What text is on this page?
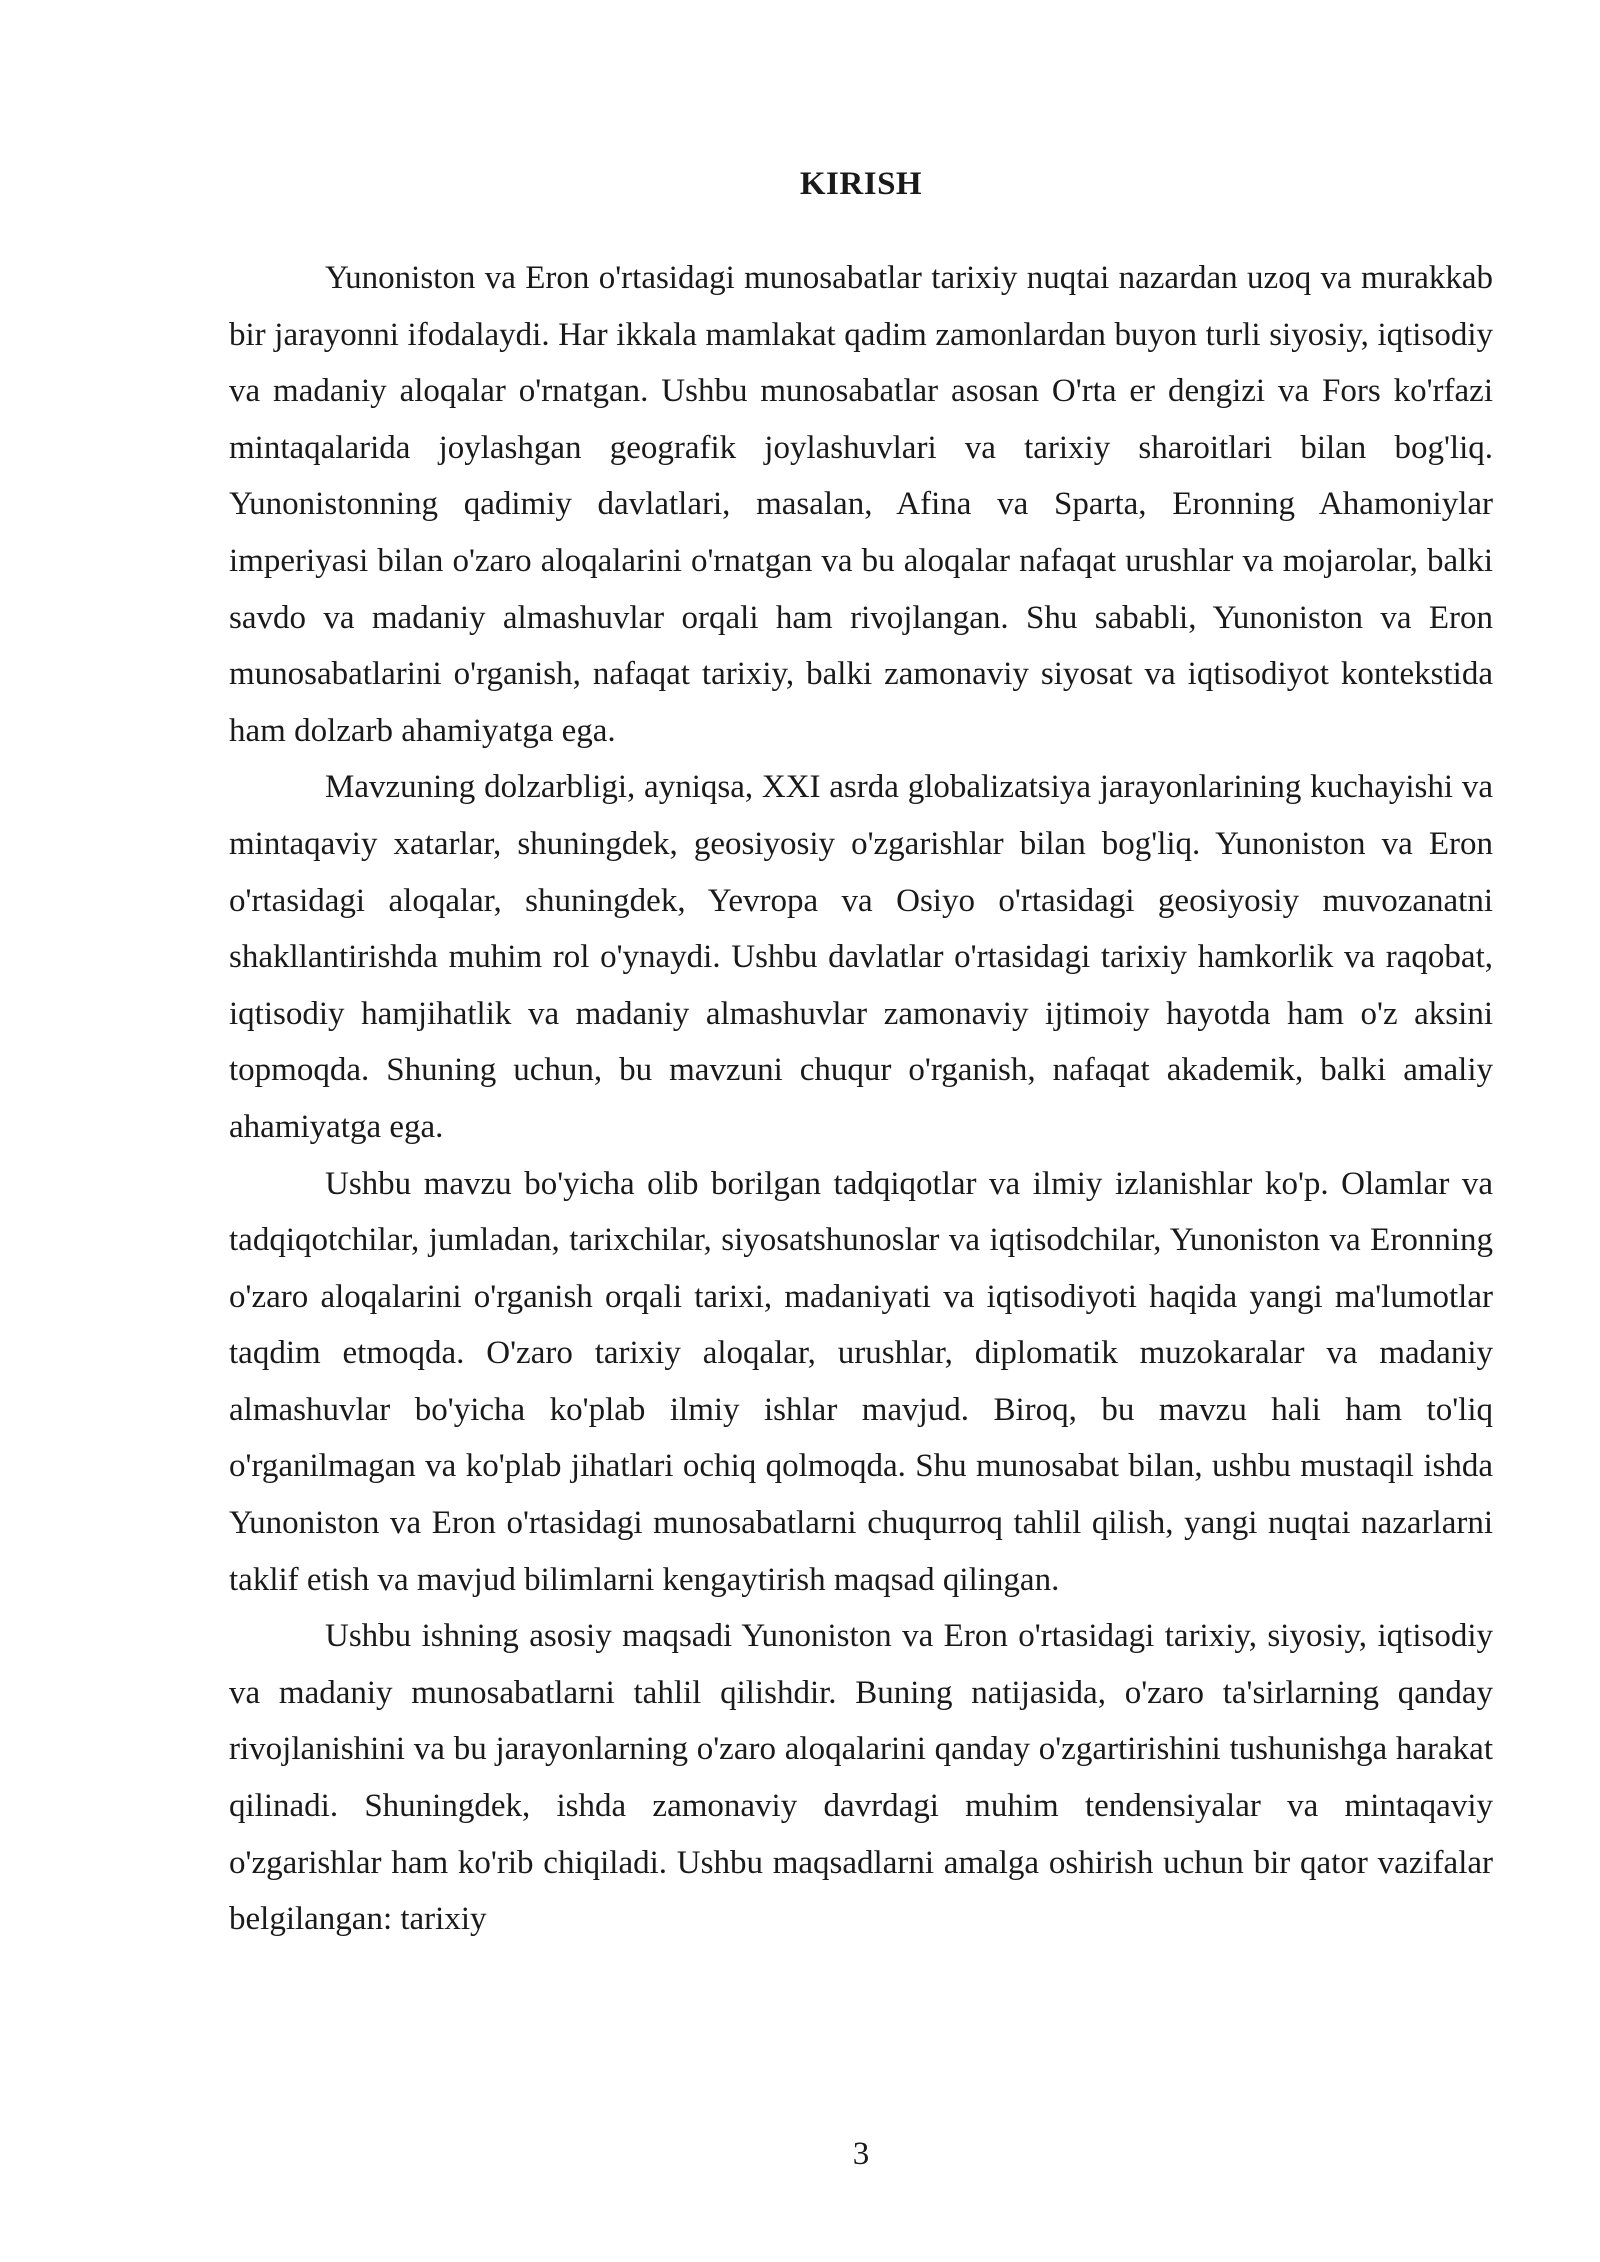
KIRISH

Yunoniston va Eron o'rtasidagi munosabatlar tarixiy nuqtai nazardan uzoq va murakkab bir jarayonni ifodalaydi. Har ikkala mamlakat qadim zamonlardan buyon turli siyosiy, iqtisodiy va madaniy aloqalar o'rnatgan. Ushbu munosabatlar asosan O'rta er dengizi va Fors ko'rfazi mintaqalarida joylashgan geografik joylashuvlari va tarixiy sharoitlari bilan bog'liq. Yunonistonning qadimiy davlatlari, masalan, Afina va Sparta, Eronning Ahamoniylar imperiyasi bilan o'zaro aloqalarini o'rnatgan va bu aloqalar nafaqat urushlar va mojarolar, balki savdo va madaniy almashuvlar orqali ham rivojlangan. Shu sababli, Yunoniston va Eron munosabatlarini o'rganish, nafaqat tarixiy, balki zamonaviy siyosat va iqtisodiyot kontekstida ham dolzarb ahamiyatga ega.

Mavzuning dolzarbligi, ayniqsa, XXI asrda globalizatsiya jarayonlarining kuchayishi va mintaqaviy xatarlar, shuningdek, geosiyosiy o'zgarishlar bilan bog'liq. Yunoniston va Eron o'rtasidagi aloqalar, shuningdek, Yevropa va Osiyo o'rtasidagi geosiyosiy muvozanatni shakllantirishda muhim rol o'ynaydi. Ushbu davlatlar o'rtasidagi tarixiy hamkorlik va raqobat, iqtisodiy hamjihatlik va madaniy almashuvlar zamonaviy ijtimoiy hayotda ham o'z aksini topmoqda. Shuning uchun, bu mavzuni chuqur o'rganish, nafaqat akademik, balki amaliy ahamiyatga ega.

Ushbu mavzu bo'yicha olib borilgan tadqiqotlar va ilmiy izlanishlar ko'p. Olamlar va tadqiqotchilar, jumladan, tarixchilar, siyosatshunoslar va iqtisodchilar, Yunoniston va Eronning o'zaro aloqalarini o'rganish orqali tarixi, madaniyati va iqtisodiyoti haqida yangi ma'lumotlar taqdim etmoqda. O'zaro tarixiy aloqalar, urushlar, diplomatik muzokaralar va madaniy almashuvlar bo'yicha ko'plab ilmiy ishlar mavjud. Biroq, bu mavzu hali ham to'liq o'rganilmagan va ko'plab jihatlari ochiq qolmoqda. Shu munosabat bilan, ushbu mustaqil ishda Yunoniston va Eron o'rtasidagi munosabatlarni chuqurroq tahlil qilish, yangi nuqtai nazarlarni taklif etish va mavjud bilimlarni kengaytirish maqsad qilingan.

Ushbu ishning asosiy maqsadi Yunoniston va Eron o'rtasidagi tarixiy, siyosiy, iqtisodiy va madaniy munosabatlarni tahlil qilishdir. Buning natijasida, o'zaro ta'sirlarning qanday rivojlanishini va bu jarayonlarning o'zaro aloqalarini qanday o'zgartirishini tushunishga harakat qilinadi. Shuningdek, ishda zamonaviy davrdagi muhim tendensiyalar va mintaqaviy o'zgarishlar ham ko'rib chiqiladi. Ushbu maqsadlarni amalga oshirish uchun bir qator vazifalar belgilangan: tarixiy

3
